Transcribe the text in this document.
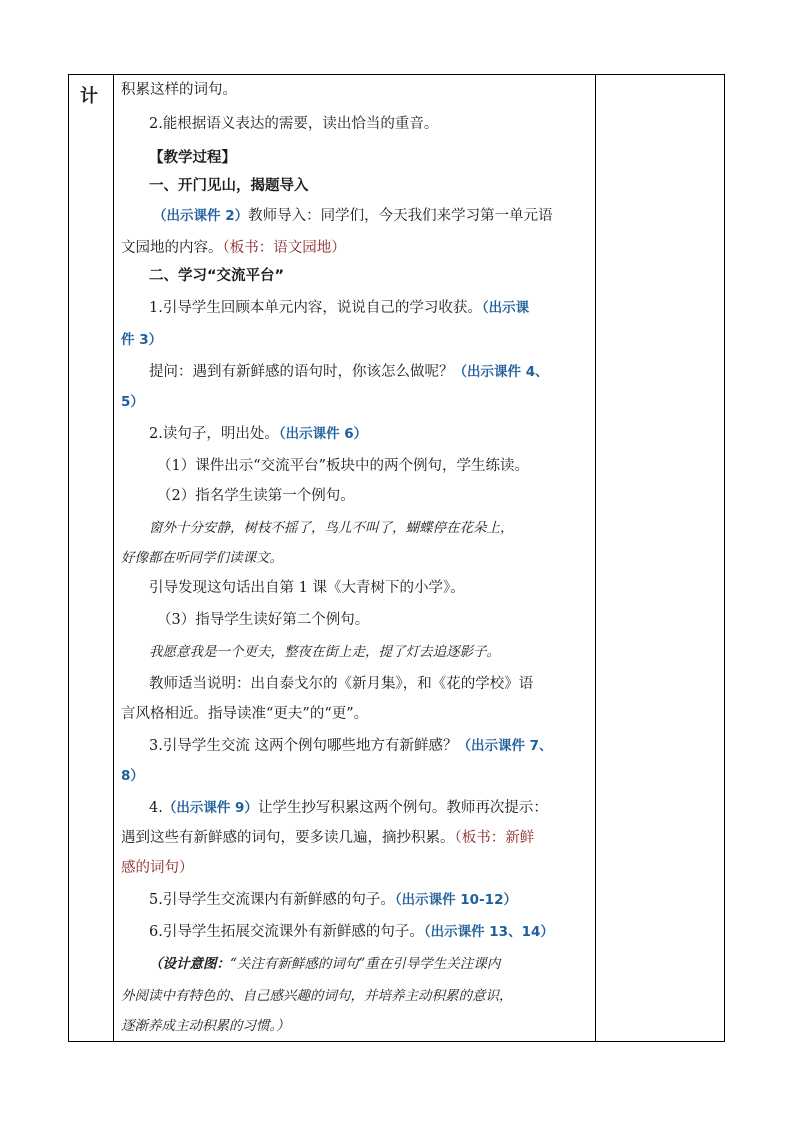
计 积累这样的词句。
2.能根据语义表达的需要，读出恰当的重音。
【教学过程】
一、开门见山，揭题导入
（出示课件 2）教师导入：同学们，今天我们来学习第一单元语
文园地的内容。（板书：语文园地）
二、学习“交流平台”
1.引导学生回顾本单元内容，说说自己的学习收获。（出示课
件 3）
提问：遇到有新鲜感的语句时，你该怎么做呢？（出示课件 4、
5）
2.读句子，明出处。（出示课件 6）
（1）课件出示“交流平台”板块中的两个例句，学生练读。
（2）指名学生读第一个例句。
窗外十分安静，树枝不摇了，鸟儿不叫了，蝴蝶停在花朵上，
好像都在听同学们读课文。
引导发现这句话出自第 1 课《大青树下的小学》。
（3）指导学生读好第二个例句。
我愿意我是一个更夫，整夜在街上走，提了灯去追逐影子。
教师适当说明：出自泰戈尔的《新月集》，和《花的学校》语
言风格相近。指导读准“更夫”的“更”。
3.引导学生交流 这两个例句哪些地方有新鲜感？（出示课件 7、
8）
4.（出示课件 9）让学生抄写积累这两个例句。教师再次提示：
遇到这些有新鲜感的词句，要多读几遍，摘抄积累。（板书：新鲜
感的词句）
5.引导学生交流课内有新鲜感的句子。（出示课件 10-12）
6.引导学生拓展交流课外有新鲜感的句子。（出示课件 13、14）
（设计意图：“关注有新鲜感的词句”重在引导学生关注课内
外阅读中有特色的、自己感兴趣的词句，并培养主动积累的意识，
逐渐养成主动积累的习惯。）
